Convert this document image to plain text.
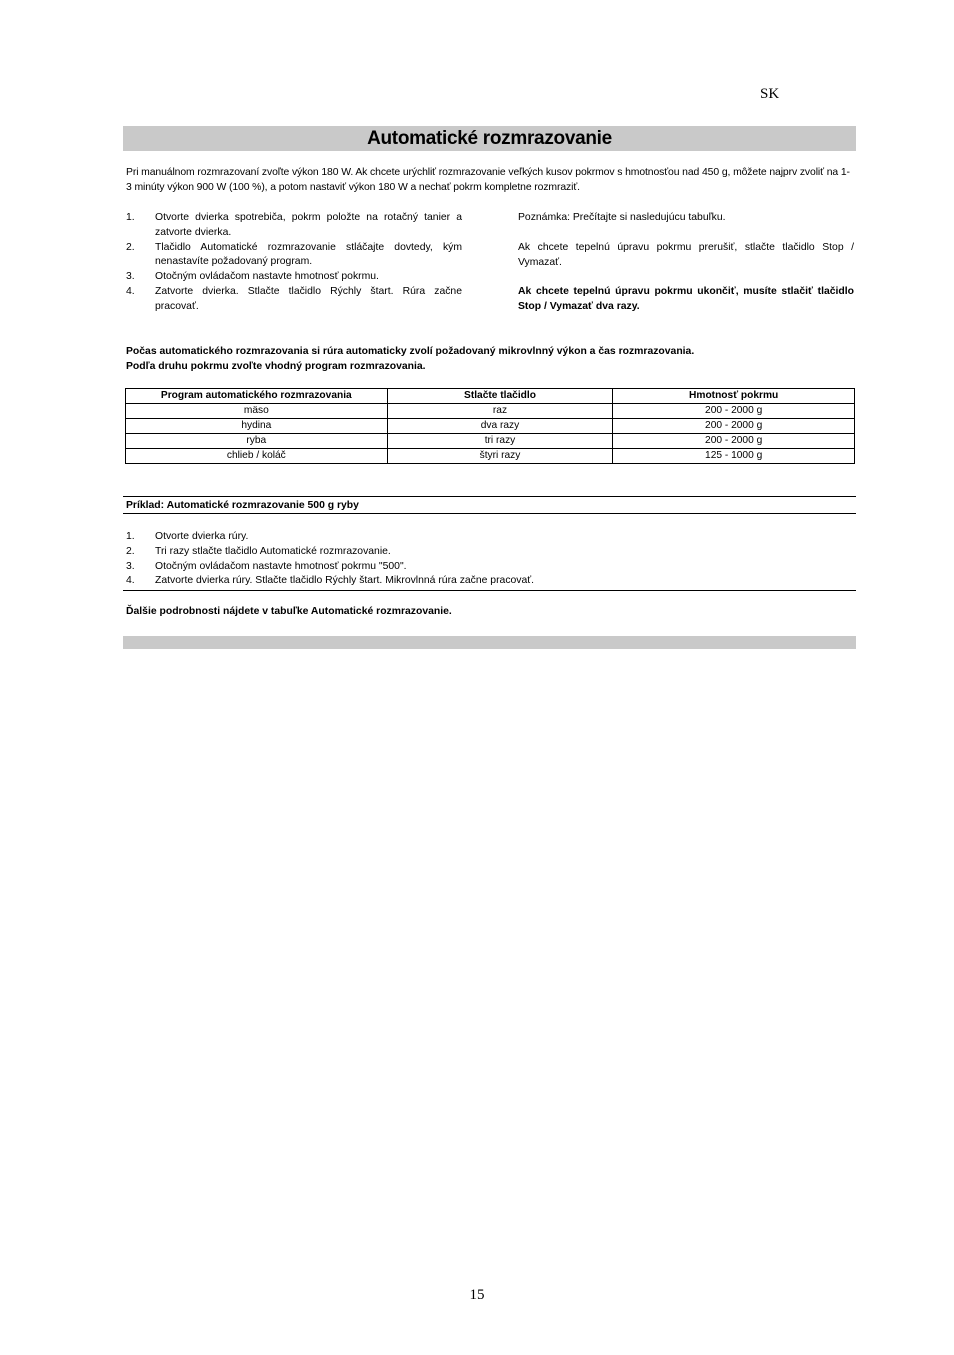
SK
Automatické rozmrazovanie
Pri manuálnom rozmrazovaní zvoľte výkon 180 W. Ak chcete urýchliť rozmrazovanie veľkých kusov pokrmov s hmotnosťou nad 450 g, môžete najprv zvoliť na 1-3 minúty výkon 900 W (100 %), a potom nastaviť výkon 180 W a nechať pokrm kompletne rozmraziť.
1.	Otvorte dvierka spotrebiča, pokrm položte na rotačný tanier a zatvorte dvierka.
2.	Tlačidlo Automatické rozmrazovanie stláčajte dovtedy, kým nenastavíte požadovaný program.
3.	Otočným ovládačom nastavte hmotnosť pokrmu.
4.	Zatvorte dvierka. Stlačte tlačidlo Rýchly štart. Rúra začne pracovať.

Poznámka: Prečítajte si nasledujúcu tabuľku.

Ak chcete tepelnú úpravu pokrmu prerušiť, stlačte tlačidlo Stop / Vymazať.

Ak chcete tepelnú úpravu pokrmu ukončiť, musíte stlačiť tlačidlo Stop / Vymazať dva razy.

Počas automatického rozmrazovania si rúra automaticky zvolí požadovaný mikrovlnný výkon a čas rozmrazovania.
Podľa druhu pokrmu zvoľte vhodný program rozmrazovania.
Program automatického rozmrazovania	Stlačte tlačidlo	Hmotnosť pokrmu
mäso	raz	200 - 2000 g
hydina	dva razy	200 - 2000 g
ryba	tri razy	200 - 2000 g
chlieb / koláč	štyri razy	125 - 1000 g
Príklad: Automatické rozmrazovanie 500 g ryby
1.	Otvorte dvierka rúry.
2.	Tri razy stlačte tlačidlo Automatické rozmrazovanie.
3.	Otočným ovládačom nastavte hmotnosť pokrmu "500".
4.	Zatvorte dvierka rúry. Stlačte tlačidlo Rýchly štart. Mikrovlnná rúra začne pracovať.
Ďalšie podrobnosti nájdete v tabuľke Automatické rozmrazovanie.
15
